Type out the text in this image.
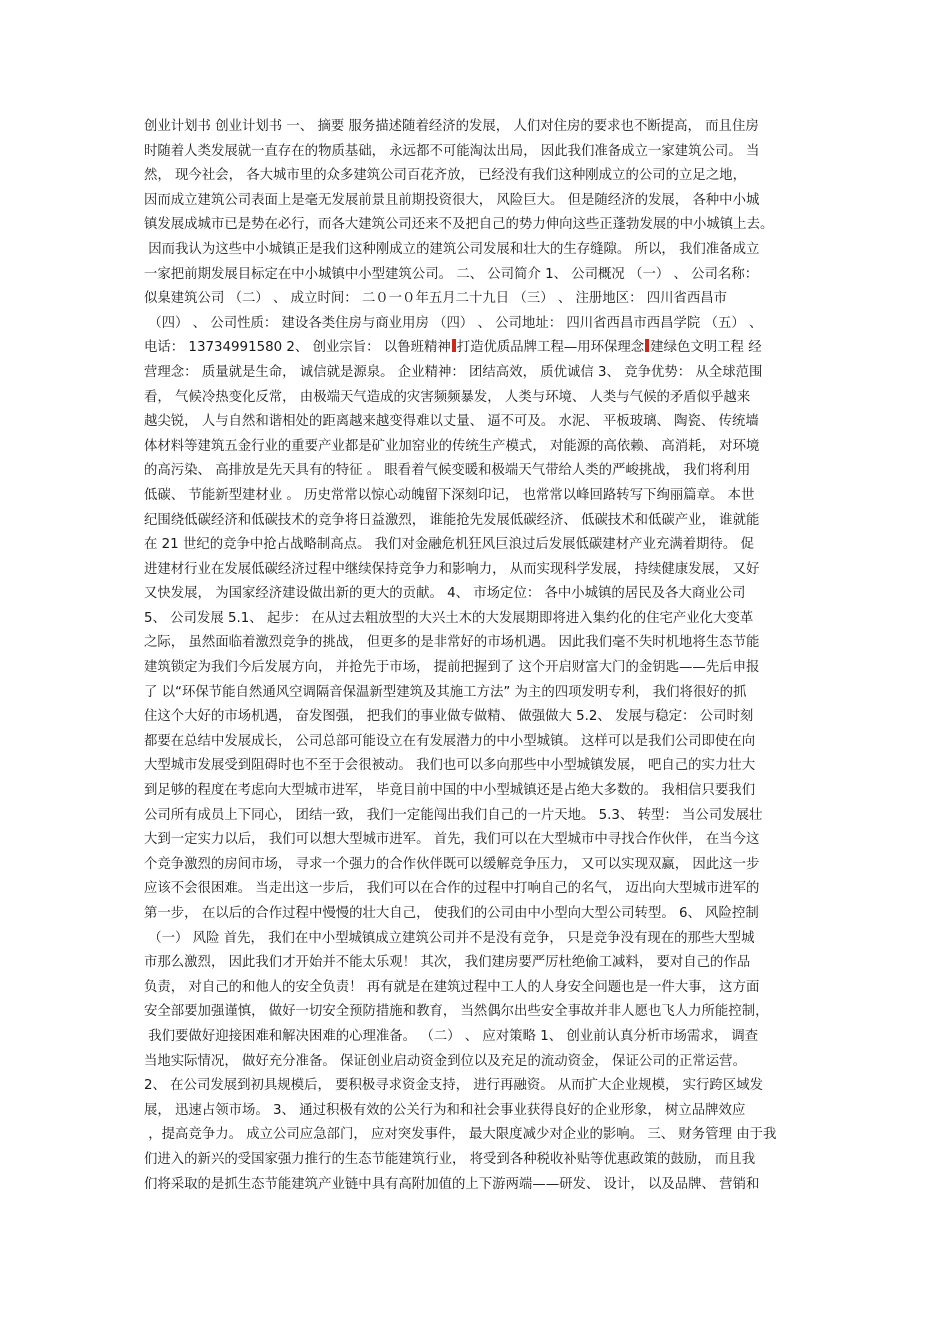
创业计划书 创业计划书 一、 摘要 服务描述随着经济的发展， 人们对住房的要求也不断提高， 而且住房
时随着人类发展就一直存在的物质基础， 永远都不可能淘汰出局， 因此我们准备成立一家建筑公司。 当
然， 现今社会， 各大城市里的众多建筑公司百花齐放， 已经没有我们这种刚成立的公司的立足之地，
因而成立建筑公司表面上是毫无发展前景且前期投资很大， 风险巨大。 但是随经济的发展， 各种中小城
镇发展成城市已是势在必行，而各大建筑公司还来不及把自己的势力伸向这些正蓬勃发展的中小城镇上去。
因而我认为这些中小城镇正是我们这种刚成立的建筑公司发展和壮大的生存缝隙。 所以， 我们准备成立
一家把前期发展目标定在中小城镇中小型建筑公司。 二、 公司简介 1、 公司概况 （一） 、 公司名称：
似臬建筑公司 （二） 、 成立时间： 二０一０年五月二十九日 （三） 、 注册地区： 四川省西昌市
（四） 、 公司性质： 建设各类住房与商业用房 （四） 、 公司地址： 四川省西昌市西昌学院 （五） 、
电话： 13734991580 2、 创业宗旨： 以鲁班精神 打造优质品牌工程—用环保理念 建绿色文明工程 经
营理念： 质量就是生命， 诚信就是源泉。 企业精神： 团结高效， 质优诚信 3、 竞争优势： 从全球范围
看， 气候冷热变化反常， 由极端天气造成的灾害频频暴发， 人类与环境、 人类与气候的矛盾似乎越来
越尖锐， 人与自然和谐相处的距离越来越变得难以丈量、 逼不可及。 水泥、 平板玻璃、 陶瓷、 传统墙
体材料等建筑五金行业的重要产业都是矿业加窑业的传统生产模式， 对能源的高依赖、 高消耗， 对环境
的高污染、 高排放是先天具有的特征 。 眼看着气候变暖和极端天气带给人类的严峻挑战， 我们将利用
低碳、 节能新型建材业 。 历史常常以惊心动魄留下深刻印记， 也常常以峰回路转写下绚丽篇章。 本世
纪围绕低碳经济和低碳技术的竞争将日益激烈， 谁能抢先发展低碳经济、 低碳技术和低碳产业， 谁就能
在 21 世纪的竞争中抢占战略制高点。 我们对金融危机狂风巨浪过后发展低碳建材产业充满着期待。 促
进建材行业在发展低碳经济过程中继续保持竞争力和影响力， 从而实现科学发展， 持续健康发展， 又好
又快发展， 为国家经济建设做出新的更大的贡献。 4、 市场定位： 各中小城镇的居民及各大商业公司
5、 公司发展 5.1、 起步： 在从过去粗放型的大兴土木的大发展期即将进入集约化的住宅产业化大变革
之际， 虽然面临着激烈竞争的挑战， 但更多的是非常好的市场机遇。 因此我们毫不失时机地将生态节能
建筑锁定为我们今后发展方向， 并抢先于市场， 提前把握到了 这个开启财富大门的金钥匙——先后申报
了 以“环保节能自然通风空调隔音保温新型建筑及其施工方法” 为主的四项发明专利， 我们将很好的抓
住这个大好的市场机遇， 奋发图强， 把我们的事业做专做精、 做强做大 5.2、 发展与稳定： 公司时刻
都要在总结中发展成长， 公司总部可能设立在有发展潜力的中小型城镇。 这样可以是我们公司即使在向
大型城市发展受到阻碍时也不至于会很被动。 我们也可以多向那些中小型城镇发展， 吧自己的实力壮大
到足够的程度在考虑向大型城市进军， 毕竟目前中国的中小型城镇还是占绝大多数的。 我相信只要我们
公司所有成员上下同心， 团结一致， 我们一定能闯出我们自己的一片天地。 5.3、 转型： 当公司发展壮
大到一定实力以后， 我们可以想大型城市进军。 首先，我们可以在大型城市中寻找合作伙伴， 在当今这
个竞争激烈的房间市场， 寻求一个强力的合作伙伴既可以缓解竞争压力， 又可以实现双赢， 因此这一步
应该不会很困难。 当走出这一步后， 我们可以在合作的过程中打响自己的名气， 迈出向大型城市进军的
第一步， 在以后的合作过程中慢慢的壮大自己， 使我们的公司由中小型向大型公司转型。 6、 风险控制
（一） 风险 首先， 我们在中小型城镇成立建筑公司并不是没有竞争， 只是竞争没有现在的那些大型城
市那么激烈， 因此我们才开始并不能太乐观！ 其次， 我们建房要严厉杜绝偷工减料， 要对自己的作品
负责， 对自己的和他人的安全负责！ 再有就是在建筑过程中工人的人身安全问题也是一件大事， 这方面
安全部要加强谨慎， 做好一切安全预防措施和教育， 当然偶尔出些安全事故并非人愿也飞人力所能控制，
我们要做好迎接困难和解决困难的心理准备。 （二） 、 应对策略 1、 创业前认真分析市场需求， 调查
当地实际情况， 做好充分准备。 保证创业启动资金到位以及充足的流动资金， 保证公司的正常运营。
2、 在公司发展到初具规模后， 要积极寻求资金支持， 进行再融资。 从而扩大企业规模， 实行跨区域发
展， 迅速占领市场。 3、 通过积极有效的公关行为和和社会事业获得良好的企业形象， 树立品牌效应
，提高竞争力。 成立公司应急部门， 应对突发事件， 最大限度减少对企业的影响。 三、 财务管理 由于我
们进入的新兴的受国家强力推行的生态节能建筑行业， 将受到各种税收补贴等优惠政策的鼓励， 而且我
们将采取的是抓生态节能建筑产业链中具有高附加值的上下游两端——研发、 设计， 以及品牌、 营销和
